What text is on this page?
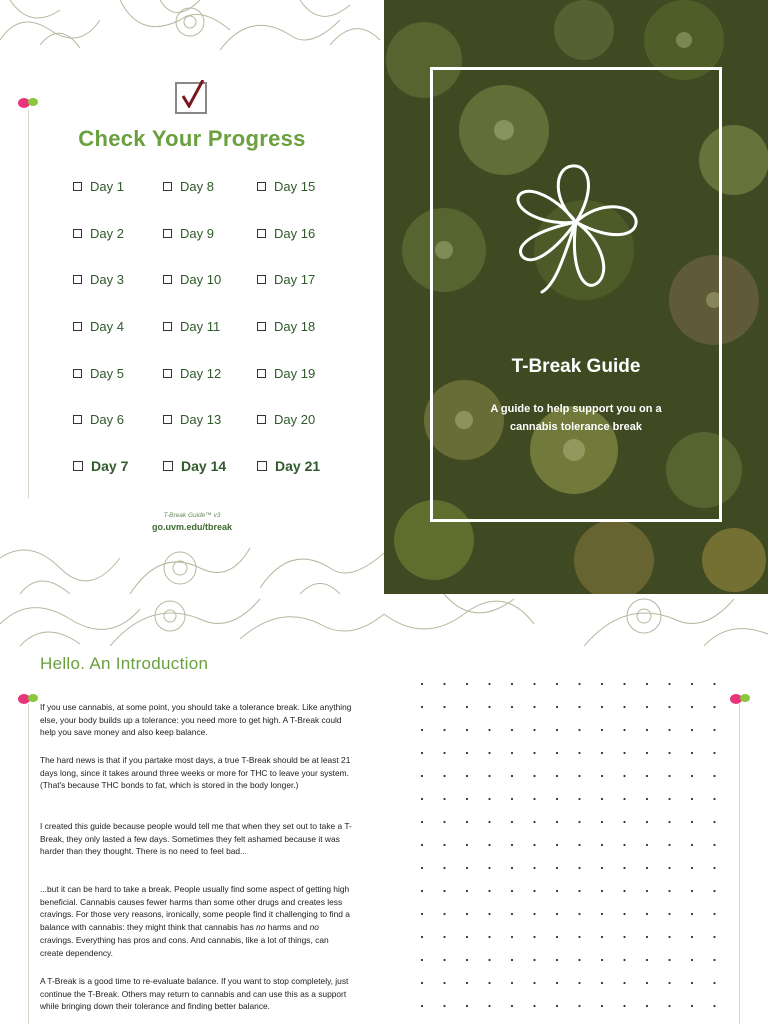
Check Your Progress
T-Break Guide™ v3
go.uvm.edu/tbreak
Day 1
Day 2
Day 3
Day 4
Day 5
Day 6
Day 7
Day 8
Day 9
Day 10
Day 11
Day 12
Day 13
Day 14
Day 15
Day 16
Day 17
Day 18
Day 19
Day 20
Day 21
T-Break Guide
A guide to help support you on a
cannabis tolerance break
Hello. An Introduction
If you use cannabis, at some point, you should take a tolerance break. Like anything else, your body builds up a tolerance: you need more to get high. A T-Break could help you save money and also keep balance.
The hard news is that if you partake most days, a true T-Break should be at least 21 days long, since it takes around three weeks or more for THC to leave your system. (That's because THC bonds to fat, which is stored in the body longer.)
I created this guide because people would tell me that when they set out to take a T-Break, they only lasted a few days. Sometimes they felt ashamed because it was harder than they thought. There is no need to feel bad...
...but it can be hard to take a break. People usually find some aspect of getting high beneficial. Cannabis causes fewer harms than some other drugs and creates less cravings. For those very reasons, ironically, some people find it challenging to find a balance with cannabis: they might think that cannabis has no harms and no cravings. Everything has pros and cons. And cannabis, like a lot of things, can create dependency.
A T-Break is a good time to re-evaluate balance. If you want to stop completely, just continue the T-Break. Others may return to cannabis and can use this as a support while bringing down their tolerance and finding better balance.
